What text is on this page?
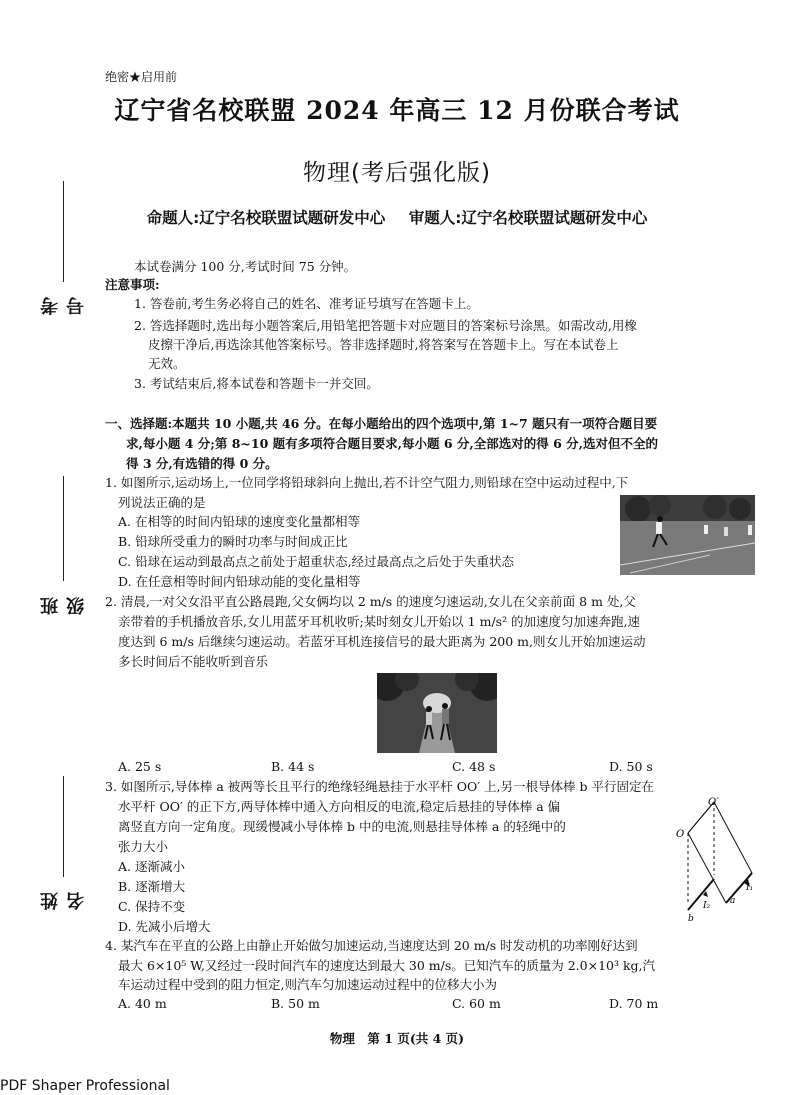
绝密★启用前
辽宁省名校联盟 2024 年高三 12 月份联合考试
物理(考后强化版)
命题人:辽宁名校联盟试题研发中心 审题人:辽宁名校联盟试题研发中心
考号
班级
姓名
本试卷满分 100 分,考试时间 75 分钟。
注意事项:
1. 答卷前,考生务必将自己的姓名、准考证号填写在答题卡上。
2. 答选择题时,选出每小题答案后,用铅笔把答题卡对应题目的答案标号涂黑。如需改动,用橡
皮擦干净后,再选涂其他答案标号。答非选择题时,将答案写在答题卡上。写在本试卷上
无效。
3. 考试结束后,将本试卷和答题卡一并交回。
一、选择题:本题共 10 小题,共 46 分。在每小题给出的四个选项中,第 1~7 题只有一项符合题目要
求,每小题 4 分;第 8~10 题有多项符合题目要求,每小题 6 分,全部选对的得 6 分,选对但不全的
得 3 分,有选错的得 0 分。
1. 如图所示,运动场上,一位同学将铅球斜向上抛出,若不计空气阻力,则铅球在空中运动过程中,下
列说法正确的是
A. 在相等的时间内铅球的速度变化量都相等
B. 铅球所受重力的瞬时功率与时间成正比
C. 铅球在运动到最高点之前处于超重状态,经过最高点之后处于失重状态
D. 在任意相等时间内铅球动能的变化量相等
2. 清晨,一对父女沿平直公路晨跑,父女俩均以 2 m/s 的速度匀速运动,女儿在父亲前面 8 m 处,父
亲带着的手机播放音乐,女儿用蓝牙耳机收听;某时刻女儿开始以 1 m/s² 的加速度匀加速奔跑,速
度达到 6 m/s 后继续匀速运动。若蓝牙耳机连接信号的最大距离为 200 m,则女儿开始加速运动
多长时间后不能收听到音乐
A. 25 s	B. 44 s	C. 48 s	D. 50 s
3. 如图所示,导体棒 a 被两等长且平行的绝缘轻绳悬挂于水平杆 OO′ 上,另一根导体棒 b 平行固定在
水平杆 OO′ 的正下方,两导体棒中通入方向相反的电流,稳定后悬挂的导体棒 a 偏
离竖直方向一定角度。现缓慢减小导体棒 b 中的电流,则悬挂导体棒 a 的轻绳中的
张力大小
A. 逐渐减小
B. 逐渐增大
C. 保持不变
D. 先减小后增大
O
O′
I₁
I₂ a
b
4. 某汽车在平直的公路上由静止开始做匀加速运动,当速度达到 20 m/s 时发动机的功率刚好达到
最大 6×10⁵ W,又经过一段时间汽车的速度达到最大 30 m/s。已知汽车的质量为 2.0×10³ kg,汽
车运动过程中受到的阻力恒定,则汽车匀加速运动过程中的位移大小为
A. 40 m	B. 50 m	C. 60 m	D. 70 m
物理　第 1 页(共 4 页)
PDF Shaper Professional
